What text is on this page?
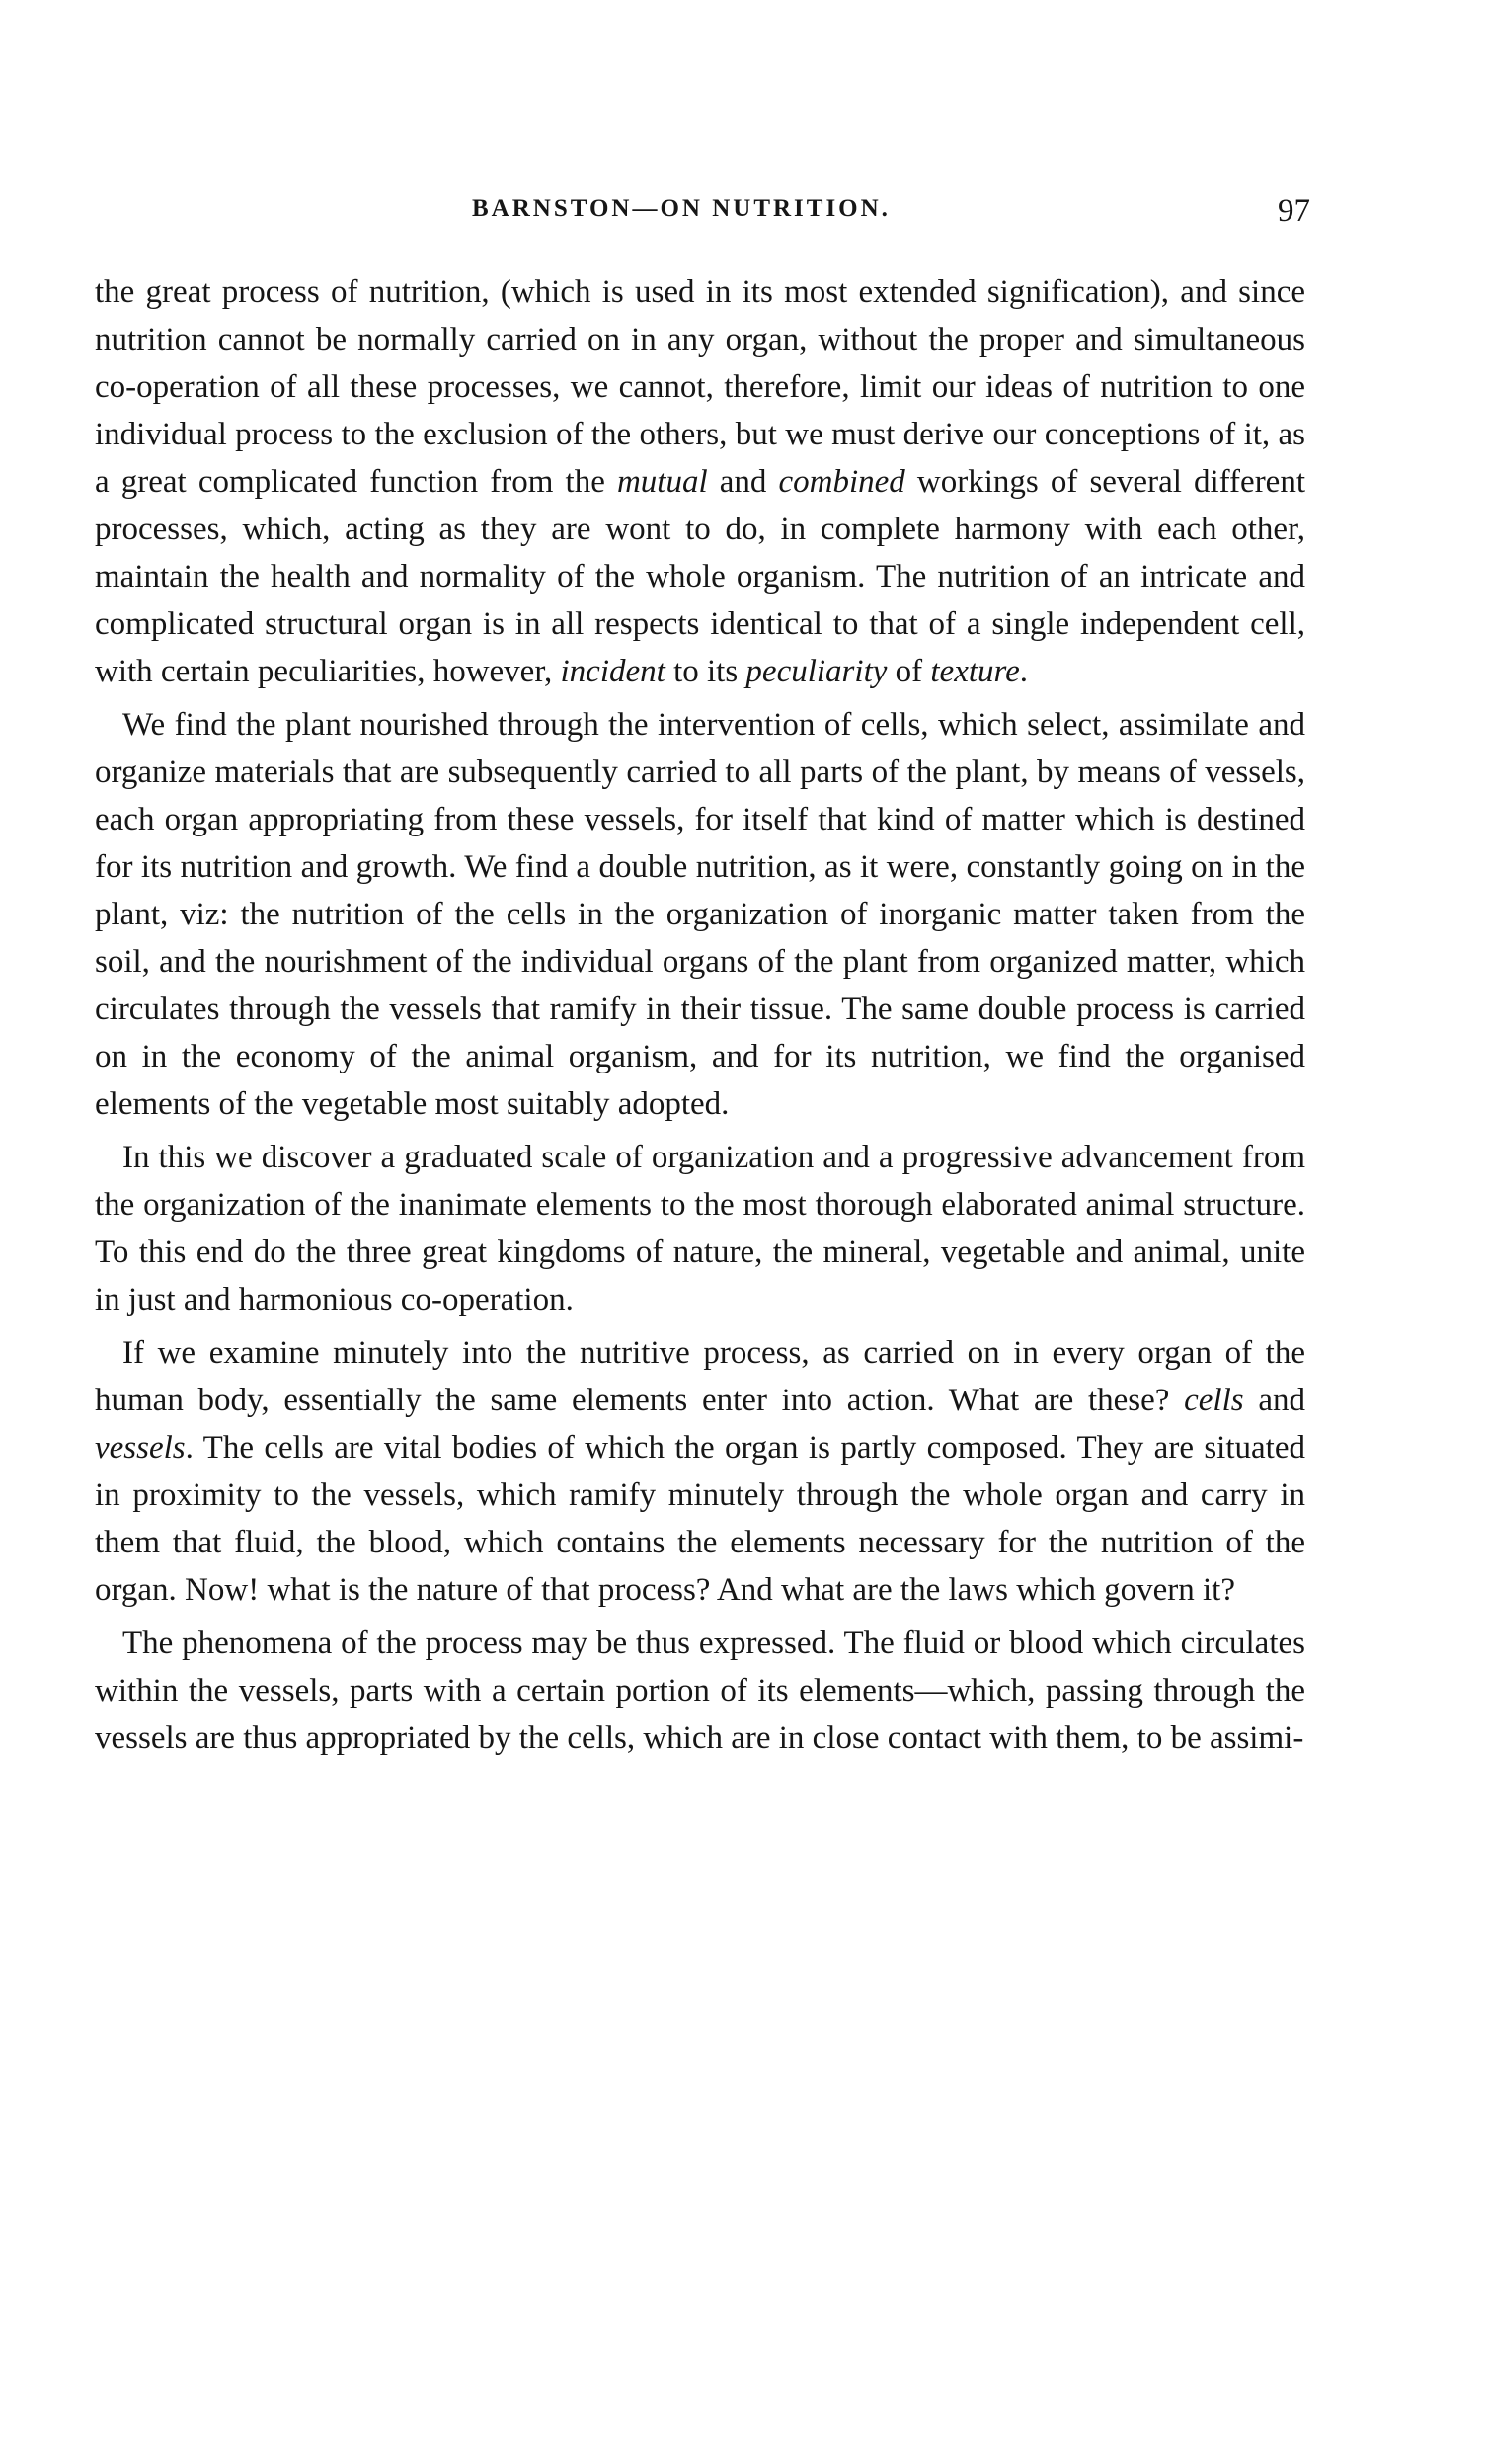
BARNSTON—ON NUTRITION.	97

the great process of nutrition, (which is used in its most extended signification), and since nutrition cannot be normally carried on in any organ, without the proper and simultaneous co-operation of all these processes, we cannot, therefore, limit our ideas of nutrition to one individual process to the exclusion of the others, but we must derive our conceptions of it, as a great complicated function from the mutual and combined workings of several different processes, which, acting as they are wont to do, in complete harmony with each other, maintain the health and normality of the whole organism. The nutrition of an intricate and complicated structural organ is in all respects identical to that of a single independent cell, with certain peculiarities, however, incident to its peculiarity of texture.

We find the plant nourished through the intervention of cells, which select, assimilate and organize materials that are subsequently carried to all parts of the plant, by means of vessels, each organ appropriating from these vessels, for itself that kind of matter which is destined for its nutrition and growth. We find a double nutrition, as it were, constantly going on in the plant, viz: the nutrition of the cells in the organization of inorganic matter taken from the soil, and the nourishment of the individual organs of the plant from organized matter, which circulates through the vessels that ramify in their tissue. The same double process is carried on in the economy of the animal organism, and for its nutrition, we find the organised elements of the vegetable most suitably adopted.

In this we discover a graduated scale of organization and a progressive advancement from the organization of the inanimate elements to the most thorough elaborated animal structure. To this end do the three great kingdoms of nature, the mineral, vegetable and animal, unite in just and harmonious co-operation.

If we examine minutely into the nutritive process, as carried on in every organ of the human body, essentially the same elements enter into action. What are these? cells and vessels. The cells are vital bodies of which the organ is partly composed. They are situated in proximity to the vessels, which ramify minutely through the whole organ and carry in them that fluid, the blood, which contains the elements necessary for the nutrition of the organ. Now! what is the nature of that process? And what are the laws which govern it?

The phenomena of the process may be thus expressed. The fluid or blood which circulates within the vessels, parts with a certain portion of its elements—which, passing through the vessels are thus appropriated by the cells, which are in close contact with them, to be assimi-
